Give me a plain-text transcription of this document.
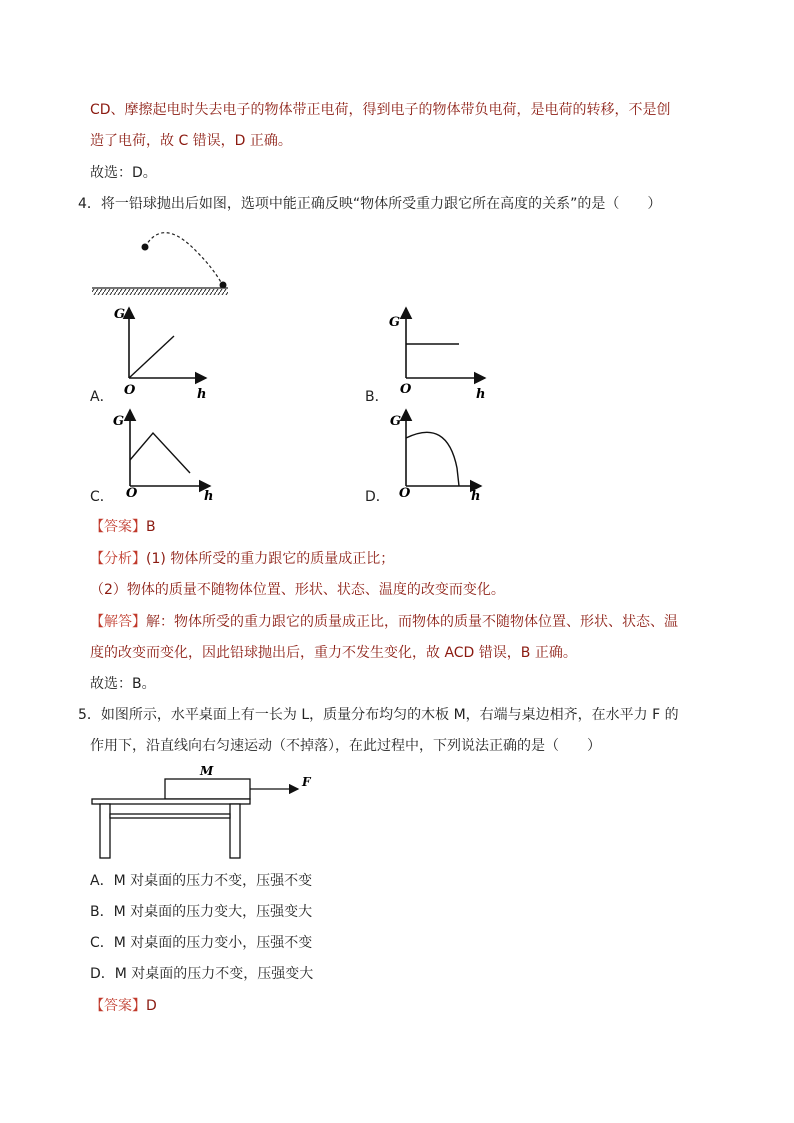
CD、摩擦起电时失去电子的物体带正电荷，得到电子的物体带负电荷，是电荷的转移，不是创
造了电荷，故 C 错误，D 正确。
故选：D。
4．将一铅球抛出后如图，选项中能正确反映“物体所受重力跟它所在高度的关系”的是（　　）
G
O	h
A．
G
O	h
B．
G
O	h
C．
G
O	h
D．
【答案】B
【分析】(1) 物体所受的重力跟它的质量成正比；
（2）物体的质量不随物体位置、形状、状态、温度的改变而变化。
【解答】解：物体所受的重力跟它的质量成正比，而物体的质量不随物体位置、形状、状态、温
度的改变而变化，因此铅球抛出后，重力不发生变化，故 ACD 错误，B 正确。
故选：B。
5．如图所示，水平桌面上有一长为 L，质量分布均匀的木板 M，右端与桌边相齐，在水平力 F 的
作用下，沿直线向右匀速运动（不掉落），在此过程中，下列说法正确的是（　　）
M
F
A．M 对桌面的压力不变，压强不变
B．M 对桌面的压力变大，压强变大
C．M 对桌面的压力变小，压强不变
D．M 对桌面的压力不变，压强变大
【答案】D
